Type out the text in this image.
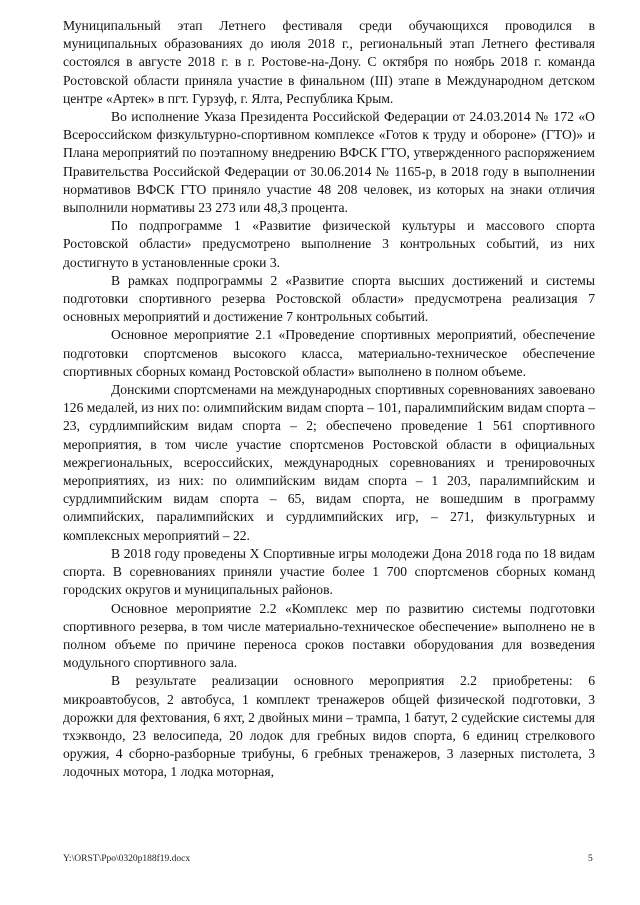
Муниципальный этап Летнего фестиваля среди обучающихся проводился в муниципальных образованиях до июля 2018 г., региональный этап Летнего фестиваля состоялся в августе 2018 г. в г. Ростове-на-Дону. С октября по ноябрь 2018 г. команда Ростовской области приняла участие в финальном (III) этапе в Международном детском центре «Артек» в пгт. Гурзуф, г. Ялта, Республика Крым.

Во исполнение Указа Президента Российской Федерации от 24.03.2014 № 172 «О Всероссийском физкультурно-спортивном комплексе «Готов к труду и обороне» (ГТО)» и Плана мероприятий по поэтапному внедрению ВФСК ГТО, утвержденного распоряжением Правительства Российской Федерации от 30.06.2014 № 1165-р, в 2018 году в выполнении нормативов ВФСК ГТО приняло участие 48 208 человек, из которых на знаки отличия выполнили нормативы 23 273 или 48,3 процента.

По подпрограмме 1 «Развитие физической культуры и массового спорта Ростовской области» предусмотрено выполнение 3 контрольных событий, из них достигнуто в установленные сроки 3.

В рамках подпрограммы 2 «Развитие спорта высших достижений и системы подготовки спортивного резерва Ростовской области» предусмотрена реализация 7 основных мероприятий и достижение 7 контрольных событий.

Основное мероприятие 2.1 «Проведение спортивных мероприятий, обеспечение подготовки спортсменов высокого класса, материально-техническое обеспечение спортивных сборных команд Ростовской области» выполнено в полном объеме.

Донскими спортсменами на международных спортивных соревнованиях завоевано 126 медалей, из них по: олимпийским видам спорта – 101, паралимпийским видам спорта – 23, сурдлимпийским видам спорта – 2; обеспечено проведение 1 561 спортивного мероприятия, в том числе участие спортсменов Ростовской области в официальных межрегиональных, всероссийских, международных соревнованиях и тренировочных мероприятиях, из них: по олимпийским видам спорта – 1 203, паралимпийским и сурдлимпийским видам спорта – 65, видам спорта, не вошедшим в программу олимпийских, паралимпийских и сурдлимпийских игр, – 271, физкультурных и комплексных мероприятий – 22.

В 2018 году проведены Х Спортивные игры молодежи Дона 2018 года по 18 видам спорта. В соревнованиях приняли участие более 1 700 спортсменов сборных команд городских округов и муниципальных районов.

Основное мероприятие 2.2 «Комплекс мер по развитию системы подготовки спортивного резерва, в том числе материально-техническое обеспечение» выполнено не в полном объеме по причине переноса сроков поставки оборудования для возведения модульного спортивного зала.

В результате реализации основного мероприятия 2.2 приобретены: 6 микроавтобусов, 2 автобуса, 1 комплект тренажеров общей физической подготовки, 3 дорожки для фехтования, 6 яхт, 2 двойных мини – трампа, 1 батут, 2 судейские системы для тхэквондо, 23 велосипеда, 20 лодок для гребных видов спорта, 6 единиц стрелкового оружия, 4 сборно-разборные трибуны, 6 гребных тренажеров, 3 лазерных пистолета, 3 лодочных мотора, 1 лодка моторная,

Y:\ORST\Ppo\0320p188f19.docx	5
